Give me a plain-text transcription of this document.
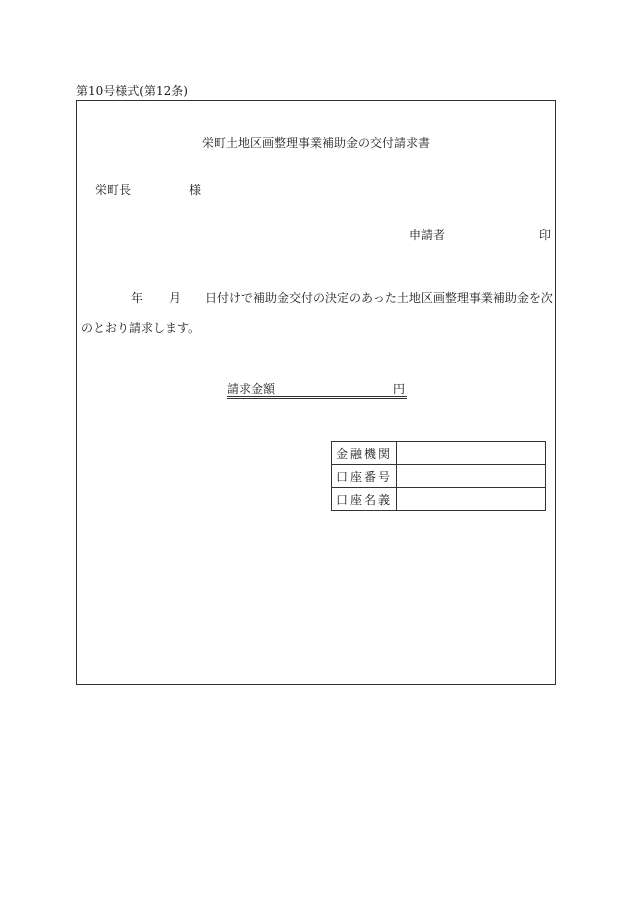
第10号様式(第12条)
栄町土地区画整理事業補助金の交付請求書
栄町長	様
申請者	印
年 月 日付けで補助金交付の決定のあった土地区画整理事業補助金を次
のとおり請求します。
請求金額	円
金融機関	
口座番号	
口座名義	
